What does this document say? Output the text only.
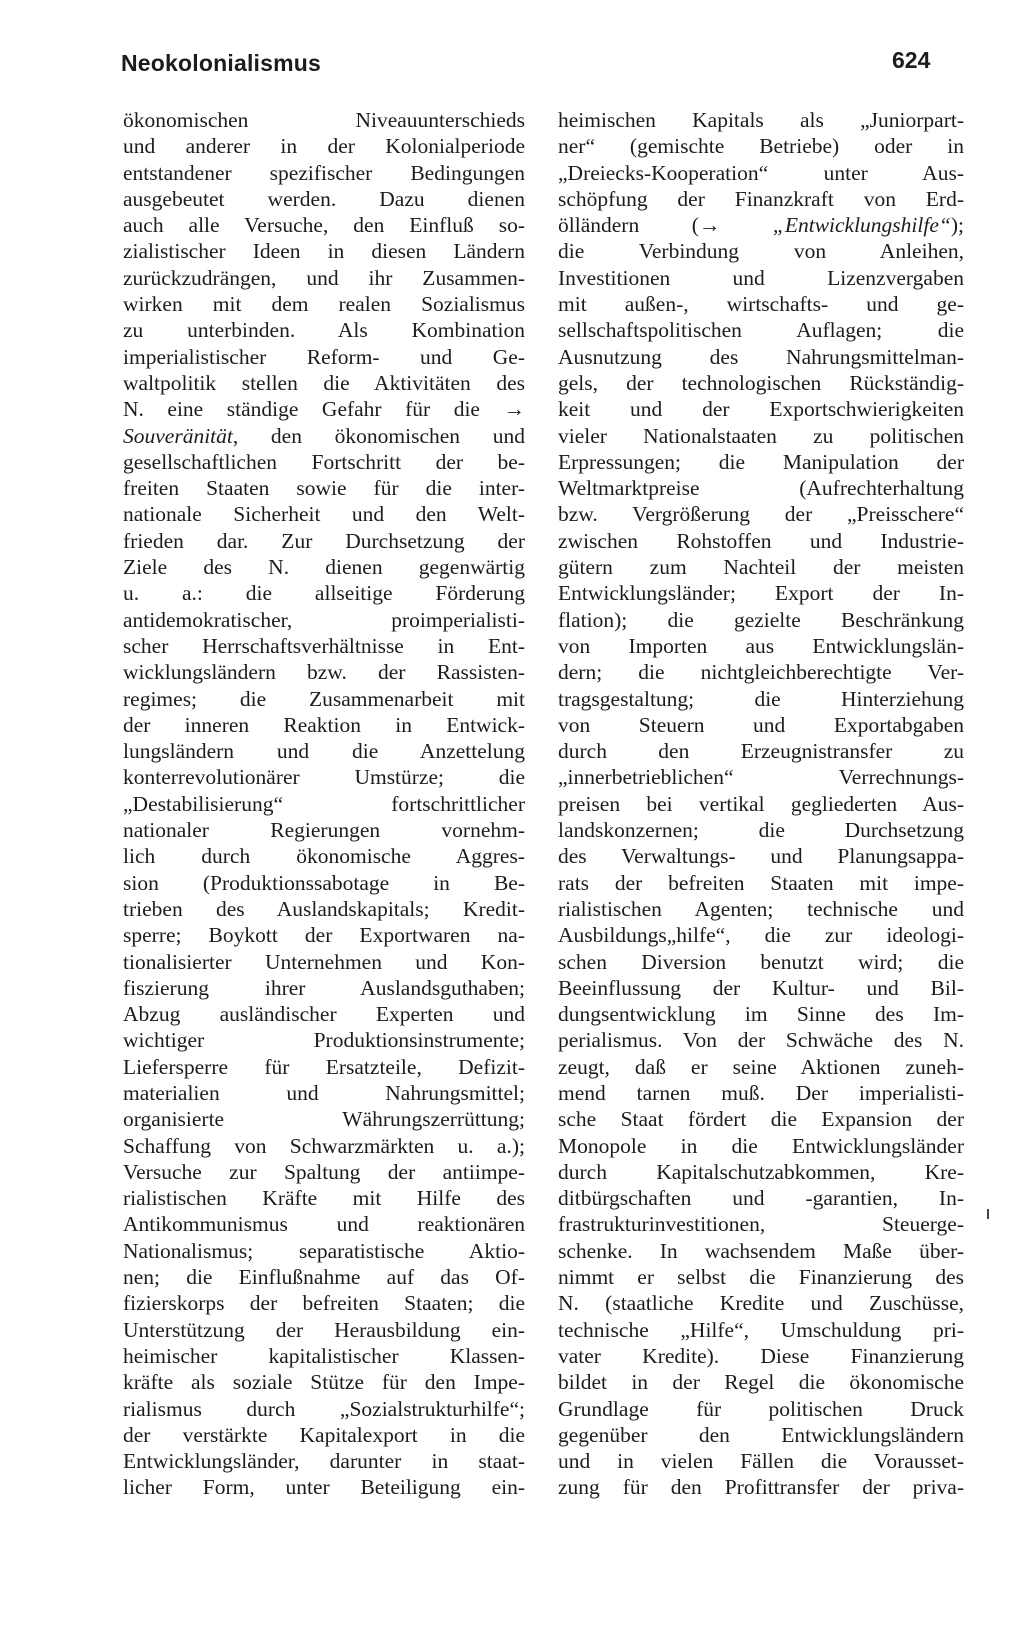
Neokolonialismus	624
ökonomischen Niveauunterschieds
und anderer in der Kolonialperiode
entstandener spezifischer Bedingungen
ausgebeutet werden. Dazu dienen
auch alle Versuche, den Einfluß so-
zialistischer Ideen in diesen Ländern
zurückzudrängen, und ihr Zusammen-
wirken mit dem realen Sozialismus
zu unterbinden. Als Kombination
imperialistischer Reform- und Ge-
waltpolitik stellen die Aktivitäten des
N. eine ständige Gefahr für die →
Souveränität, den ökonomischen und
gesellschaftlichen Fortschritt der be-
freiten Staaten sowie für die inter-
nationale Sicherheit und den Welt-
frieden dar. Zur Durchsetzung der
Ziele des N. dienen gegenwärtig
u. a.: die allseitige Förderung
antidemokratischer, proimperialisti-
scher Herrschaftsverhältnisse in Ent-
wicklungsländern bzw. der Rassisten-
regimes; die Zusammenarbeit mit
der inneren Reaktion in Entwick-
lungsländern und die Anzettelung
konterrevolutionärer Umstürze; die
„Destabilisierung“ fortschrittlicher
nationaler Regierungen vornehm-
lich durch ökonomische Aggres-
sion (Produktionssabotage in Be-
trieben des Auslandskapitals; Kredit-
sperre; Boykott der Exportwaren na-
tionalisierter Unternehmen und Kon-
fiszierung ihrer Auslandsguthaben;
Abzug ausländischer Experten und
wichtiger Produktionsinstrumente;
Liefersperre für Ersatzteile, Defizit-
materialien und Nahrungsmittel;
organisierte Währungszerrüttung;
Schaffung von Schwarzmärkten u. a.);
Versuche zur Spaltung der antiimpe-
rialistischen Kräfte mit Hilfe des
Antikommunismus und reaktionären
Nationalismus; separatistische Aktio-
nen; die Einflußnahme auf das Of-
fizierskorps der befreiten Staaten; die
Unterstützung der Herausbildung ein-
heimischer kapitalistischer Klassen-
kräfte als soziale Stütze für den Impe-
rialismus durch „Sozialstrukturhilfe“;
der verstärkte Kapitalexport in die
Entwicklungsländer, darunter in staat-
licher Form, unter Beteiligung ein-
heimischen Kapitals als „Juniorpart-
ner“ (gemischte Betriebe) oder in
„Dreiecks-Kooperation“ unter Aus-
schöpfung der Finanzkraft von Erd-
ölländern (→ „Entwicklungshilfe“);
die Verbindung von Anleihen,
Investitionen und Lizenzvergaben
mit außen-, wirtschafts- und ge-
sellschaftspolitischen Auflagen; die
Ausnutzung des Nahrungsmittelman-
gels, der technologischen Rückständig-
keit und der Exportschwierigkeiten
vieler Nationalstaaten zu politischen
Erpressungen; die Manipulation der
Weltmarktpreise (Aufrechterhaltung
bzw. Vergrößerung der „Preisschere“
zwischen Rohstoffen und Industrie-
gütern zum Nachteil der meisten
Entwicklungsländer; Export der In-
flation); die gezielte Beschränkung
von Importen aus Entwicklungslän-
dern; die nichtgleichberechtigte Ver-
tragsgestaltung; die Hinterziehung
von Steuern und Exportabgaben
durch den Erzeugnistransfer zu
„innerbetrieblichen“ Verrechnungs-
preisen bei vertikal gegliederten Aus-
landskonzernen; die Durchsetzung
des Verwaltungs- und Planungsappa-
rats der befreiten Staaten mit impe-
rialistischen Agenten; technische und
Ausbildungs„hilfe“, die zur ideologi-
schen Diversion benutzt wird; die
Beeinflussung der Kultur- und Bil-
dungsentwicklung im Sinne des Im-
perialismus. Von der Schwäche des N.
zeugt, daß er seine Aktionen zuneh-
mend tarnen muß. Der imperialisti-
sche Staat fördert die Expansion der
Monopole in die Entwicklungsländer
durch Kapitalschutzabkommen, Kre-
ditbürgschaften und -garantien, In-
frastrukturinvestitionen, Steuerge-
schenke. In wachsendem Maße über-
nimmt er selbst die Finanzierung des
N. (staatliche Kredite und Zuschüsse,
technische „Hilfe“, Umschuldung pri-
vater Kredite). Diese Finanzierung
bildet in der Regel die ökonomische
Grundlage für politischen Druck
gegenüber den Entwicklungsländern
und in vielen Fällen die Vorausset-
zung für den Profittransfer der priva-
